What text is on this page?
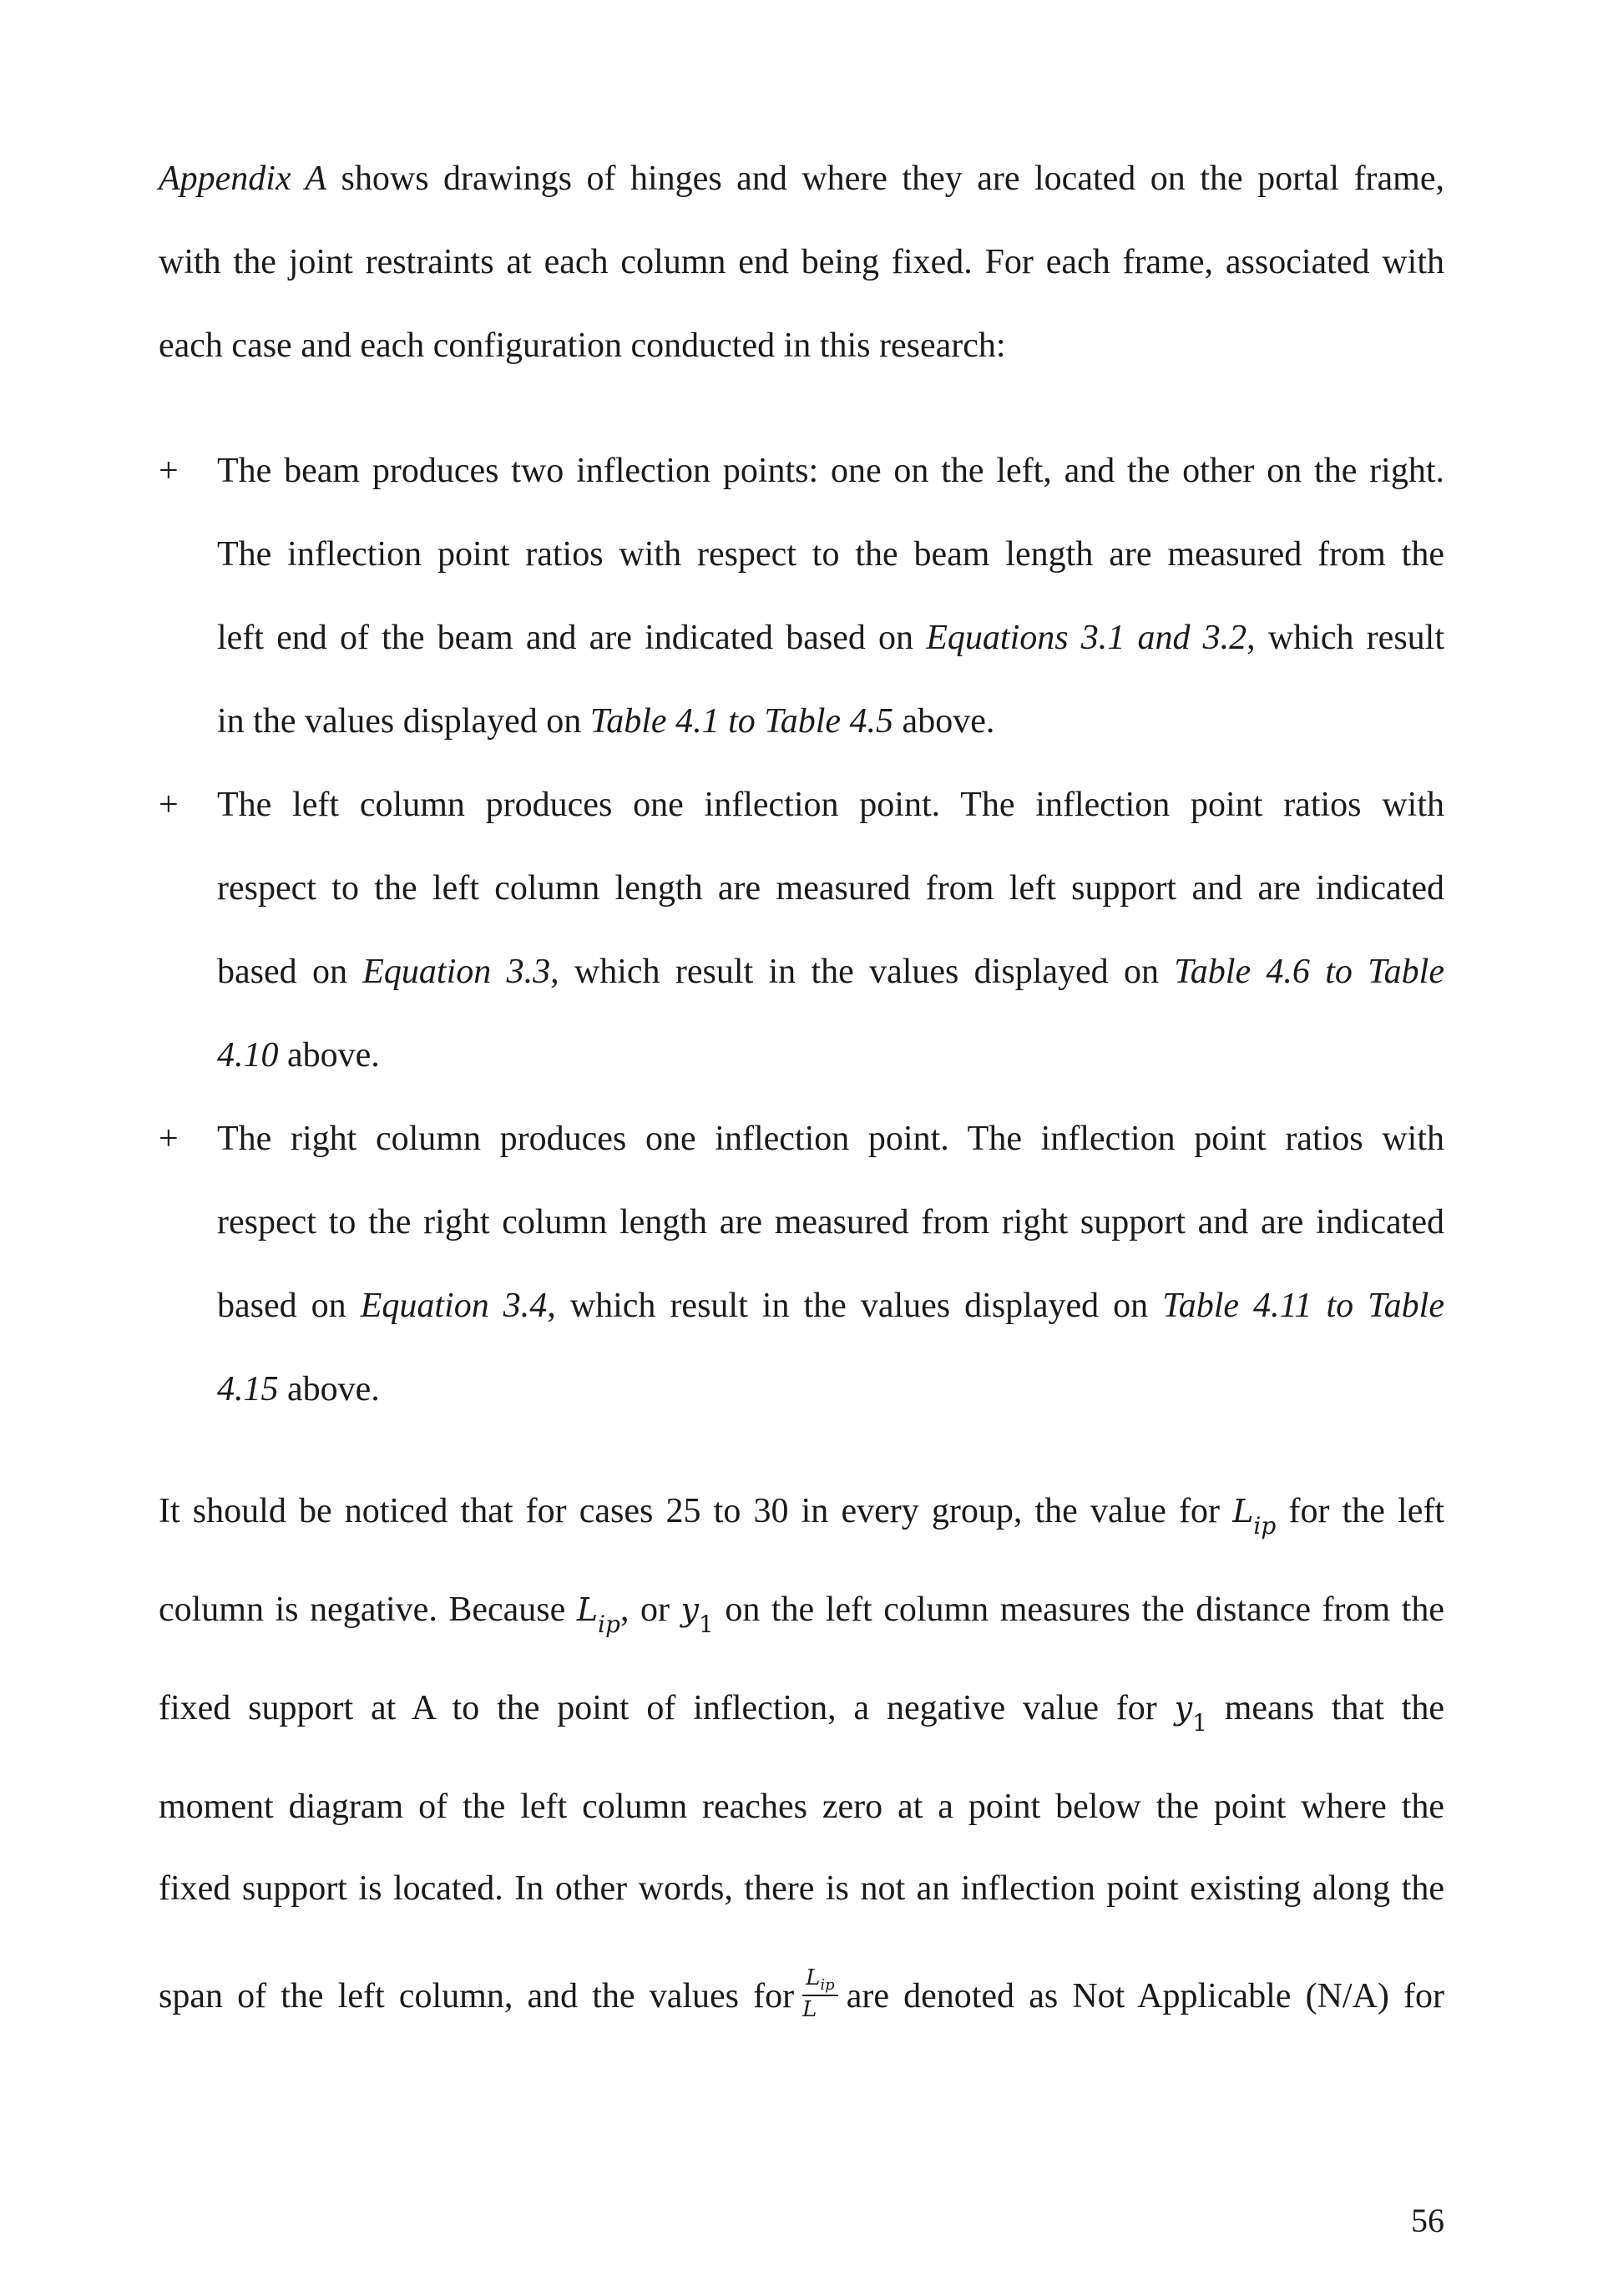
Appendix A shows drawings of hinges and where they are located on the portal frame,
with the joint restraints at each column end being fixed. For each frame, associated with
each case and each configuration conducted in this research:
+	The beam produces two inflection points: one on the left, and the other on the right.
The inflection point ratios with respect to the beam length are measured from the
left end of the beam and are indicated based on Equations 3.1 and 3.2, which result
in the values displayed on Table 4.1 to Table 4.5 above.
+	The left column produces one inflection point. The inflection point ratios with
respect to the left column length are measured from left support and are indicated
based on Equation 3.3, which result in the values displayed on Table 4.6 to Table
4.10 above.
+	The right column produces one inflection point. The inflection point ratios with
respect to the right column length are measured from right support and are indicated
based on Equation 3.4, which result in the values displayed on Table 4.11 to Table
4.15 above.
It should be noticed that for cases 25 to 30 in every group, the value for $L_{ip}$ for the left
column is negative. Because $L_{ip}$, or $y_1$ on the left column measures the distance from the
fixed support at A to the point of inflection, a negative value for $y_1$ means that the
moment diagram of the left column reaches zero at a point below the point where the
fixed support is located. In other words, there is not an inflection point existing along the
span of the left column, and the values for $\frac{L_{ip}}{L}$ are denoted as Not Applicable (N/A) for
56
